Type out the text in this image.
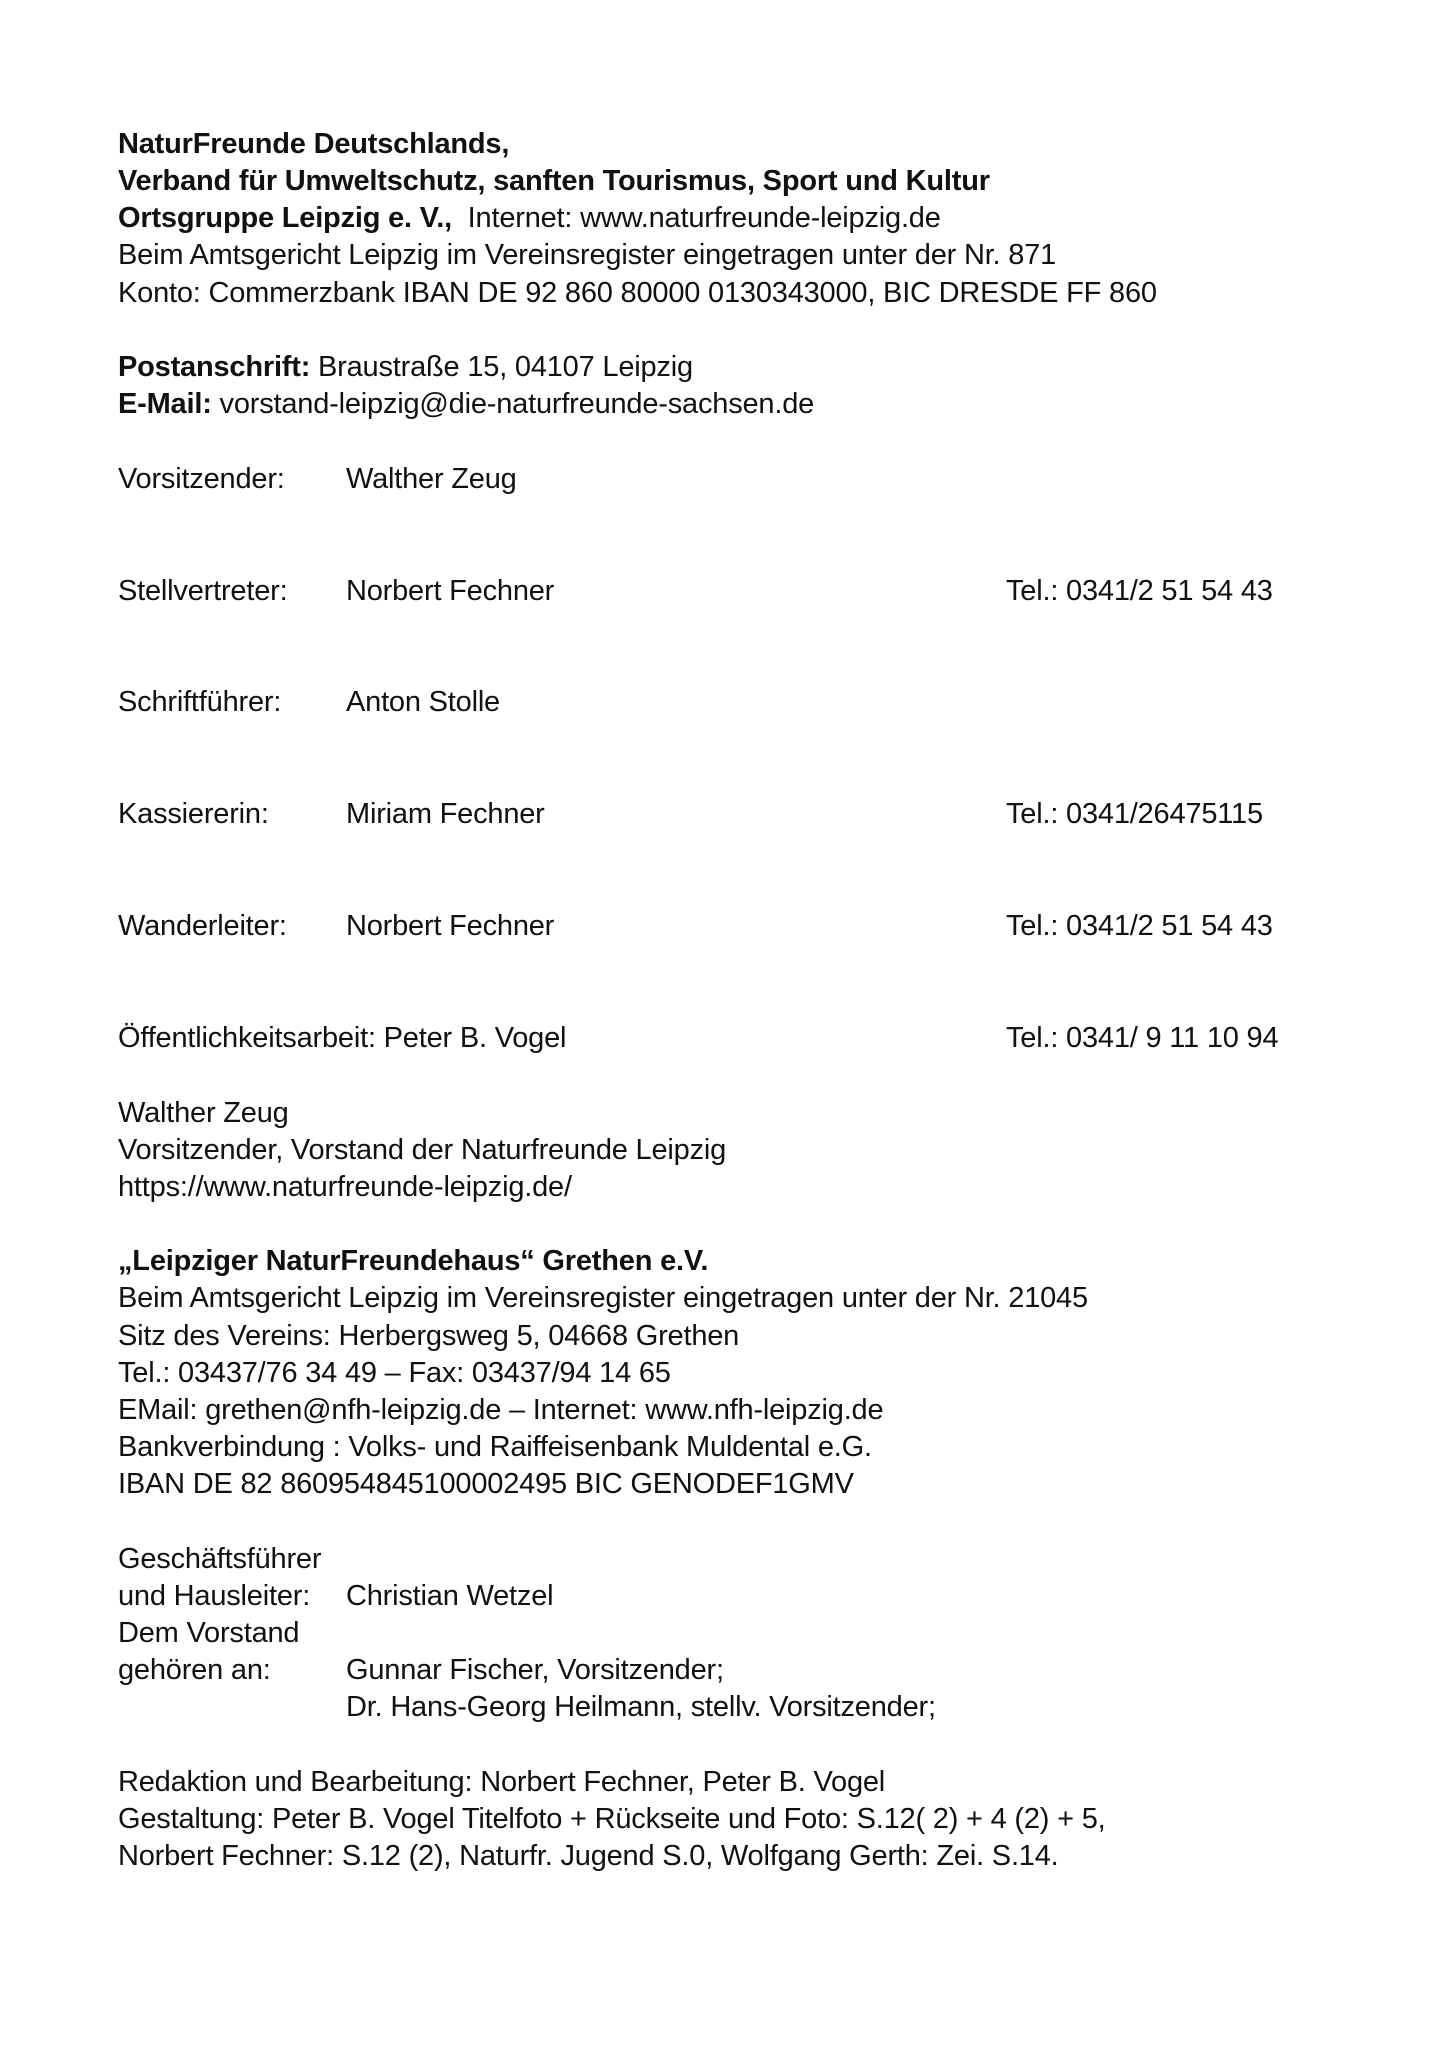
NaturFreunde Deutschlands,
Verband für Umweltschutz, sanften Tourismus, Sport und Kultur
Ortsgruppe Leipzig e. V., Internet: www.naturfreunde-leipzig.de
Beim Amtsgericht Leipzig im Vereinsregister eingetragen unter der Nr. 871
Konto: Commerzbank IBAN DE 92 860 80000 0130343000, BIC DRESDE FF 860
Postanschrift: Braustraße 15, 04107 Leipzig
E-Mail: vorstand-leipzig@die-naturfreunde-sachsen.de
Vorsitzender: Walther Zeug
Stellvertreter: Norbert Fechner	Tel.: 0341/2 51 54 43
Schriftführer: Anton Stolle
Kassiererin:	Miriam Fechner	Tel.: 0341/26475115
Wanderleiter: Norbert Fechner	Tel.: 0341/2 51 54 43
Öffentlichkeitsarbeit: Peter B. Vogel	Tel.: 0341/ 9 11 10 94
Walther Zeug
Vorsitzender, Vorstand der Naturfreunde Leipzig
https://www.naturfreunde-leipzig.de/
„Leipziger NaturFreundehaus“ Grethen e.V.
Beim Amtsgericht Leipzig im Vereinsregister eingetragen unter der Nr. 21045
Sitz des Vereins: Herbergsweg 5, 04668 Grethen
Tel.: 03437/76 34 49 – Fax: 03437/94 14 65
EMail: grethen@nfh-leipzig.de – Internet: www.nfh-leipzig.de
Bankverbindung : Volks- und Raiffeisenbank Muldental e.G.
IBAN DE 82 860954845100002495 BIC GENODEF1GMV
Geschäftsführer
und Hausleiter: Christian Wetzel
Dem Vorstand
gehören an:	Gunnar Fischer, Vorsitzender;
Dr. Hans-Georg Heilmann, stellv. Vorsitzender;
Redaktion und Bearbeitung: Norbert Fechner, Peter B. Vogel
Gestaltung: Peter B. Vogel Titelfoto + Rückseite und Foto: S.12( 2) + 4 (2) + 5,
Norbert Fechner: S.12 (2), Naturfr. Jugend S.0, Wolfgang Gerth: Zei. S.14.
